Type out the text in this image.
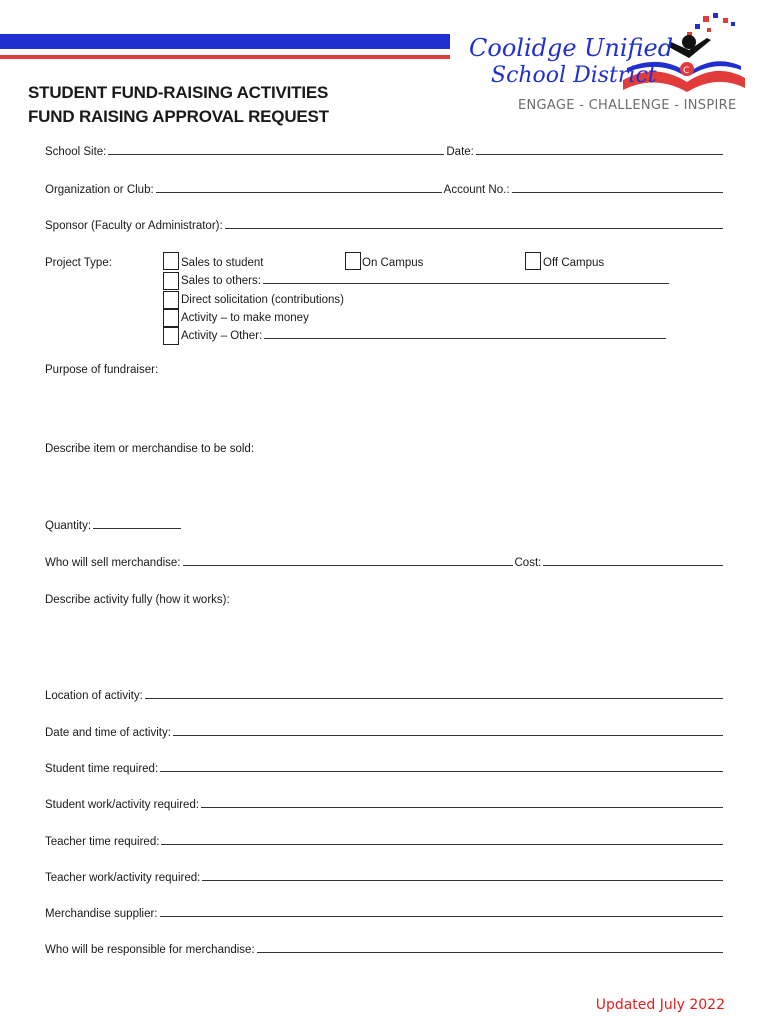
STUDENT FUND-RAISING ACTIVITIES
FUND RAISING APPROVAL REQUEST
C
Coolidge Unified
School District
ENGAGE - CHALLENGE - INSPIRE
School Site:	Date:
Organization or Club:	Account No.:
Sponsor (Faculty or Administrator):
Project Type:	Sales to student	On Campus	Off Campus
Sales to others:
Direct solicitation (contributions)
Activity – to make money
Activity – Other:
Purpose of fundraiser:
Describe item or merchandise to be sold:
Quantity:
Who will sell merchandise:	Cost:
Describe activity fully (how it works):
Location of activity:
Date and time of activity:
Student time required:
Student work/activity required:
Teacher time required:
Teacher work/activity required:
Merchandise supplier:
Who will be responsible for merchandise:
Updated July 2022
